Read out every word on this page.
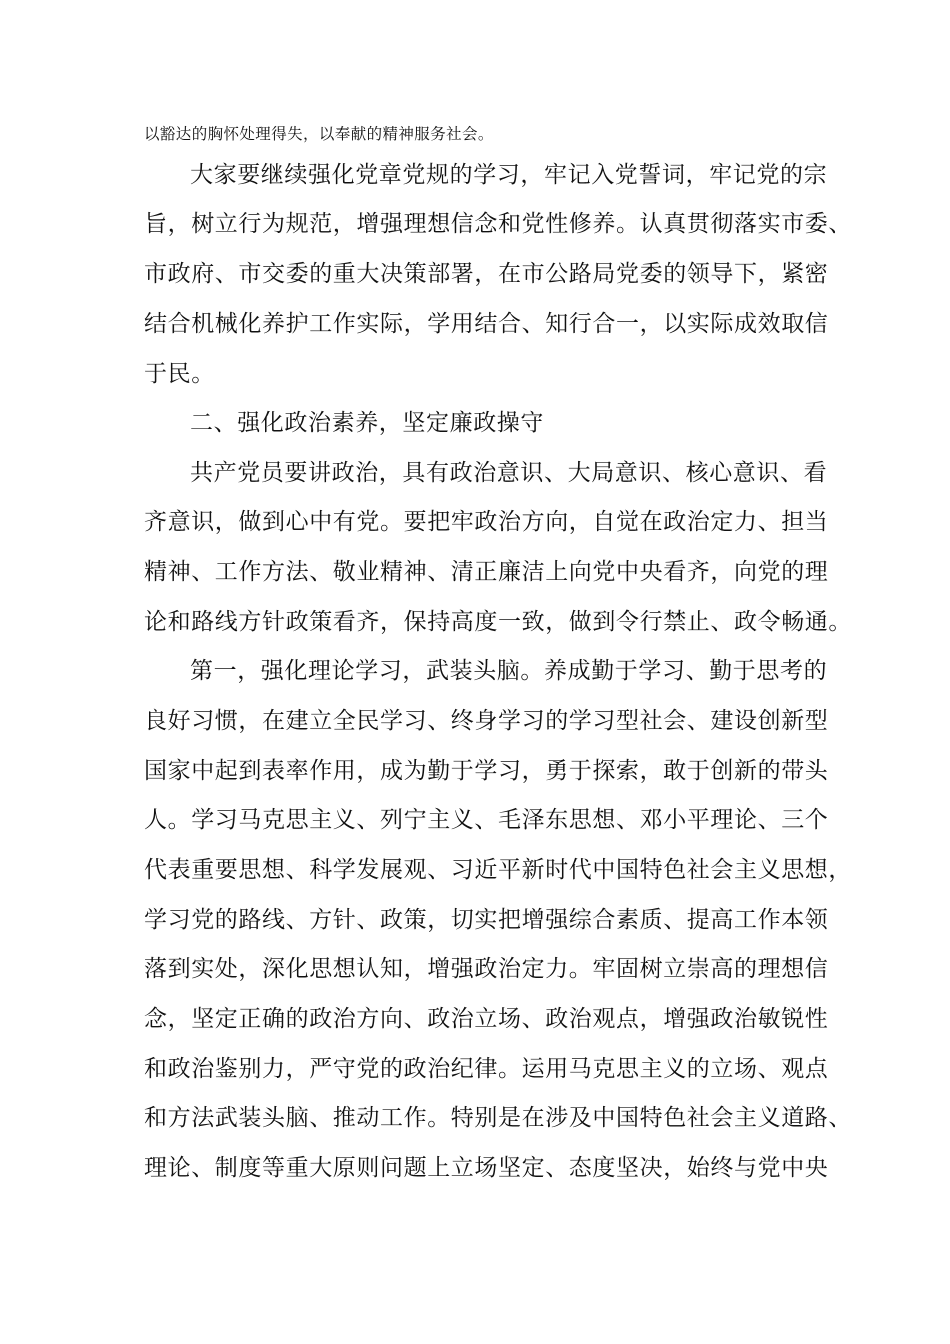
以豁达的胸怀处理得失，以奉献的精神服务社会。
大家要继续强化党章党规的学习，牢记入党誓词，牢记党的宗
旨，树立行为规范，增强理想信念和党性修养。认真贯彻落实市委、
市政府、市交委的重大决策部署，在市公路局党委的领导下，紧密
结合机械化养护工作实际，学用结合、知行合一，以实际成效取信
于民。
二、强化政治素养，坚定廉政操守
共产党员要讲政治，具有政治意识、大局意识、核心意识、看
齐意识，做到心中有党。要把牢政治方向，自觉在政治定力、担当
精神、工作方法、敬业精神、清正廉洁上向党中央看齐，向党的理
论和路线方针政策看齐，保持高度一致，做到令行禁止、政令畅通。
第一，强化理论学习，武装头脑。养成勤于学习、勤于思考的
良好习惯，在建立全民学习、终身学习的学习型社会、建设创新型
国家中起到表率作用，成为勤于学习，勇于探索，敢于创新的带头
人。学习马克思主义、列宁主义、毛泽东思想、邓小平理论、三个
代表重要思想、科学发展观、习近平新时代中国特色社会主义思想，
学习党的路线、方针、政策，切实把增强综合素质、提高工作本领
落到实处，深化思想认知，增强政治定力。牢固树立崇高的理想信
念，坚定正确的政治方向、政治立场、政治观点，增强政治敏锐性
和政治鉴别力，严守党的政治纪律。运用马克思主义的立场、观点
和方法武装头脑、推动工作。特别是在涉及中国特色社会主义道路、
理论、制度等重大原则问题上立场坚定、态度坚决，始终与党中央
